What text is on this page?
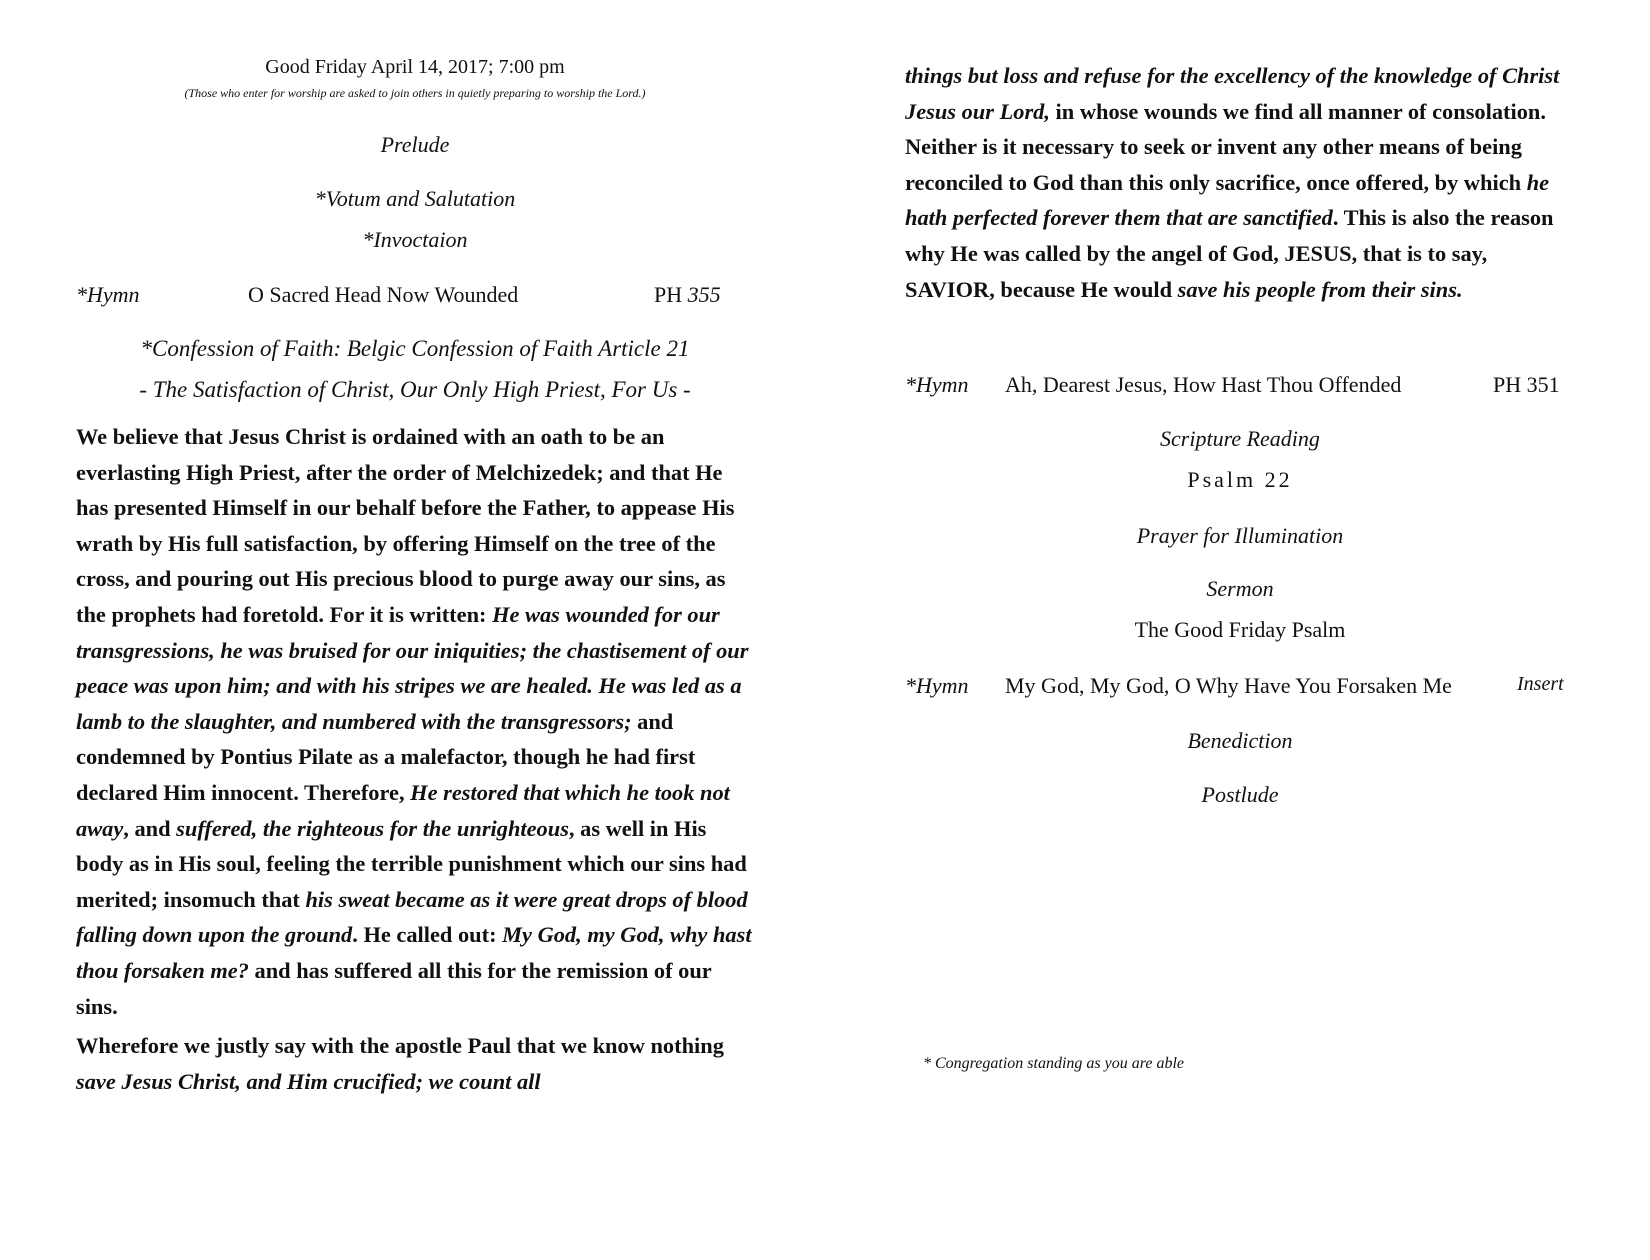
Good Friday April 14, 2017; 7:00 pm
(Those who enter for worship are asked to join others in quietly preparing to worship the Lord.)
Prelude
*Votum and Salutation
*Invoctaion
*Hymn	O Sacred Head Now Wounded	PH 355
*Confession of Faith: Belgic Confession of Faith Article 21
- The Satisfaction of Christ, Our Only High Priest, For Us -

We believe that Jesus Christ is ordained with an oath to be an everlasting High Priest, after the order of Melchizedek; and that He has presented Himself in our behalf before the Father, to appease His wrath by His full satisfaction, by offering Himself on the tree of the cross, and pouring out His precious blood to purge away our sins, as the prophets had foretold. For it is written: He was wounded for our transgressions, he was bruised for our iniquities; the chastisement of our peace was upon him; and with his stripes we are healed. He was led as a lamb to the slaughter, and numbered with the transgressors; and condemned by Pontius Pilate as a malefactor, though he had first declared Him innocent. Therefore, He restored that which he took not away, and suffered, the righteous for the unrighteous, as well in His body as in His soul, feeling the terrible punishment which our sins had merited; insomuch that his sweat became as it were great drops of blood falling down upon the ground. He called out: My God, my God, why hast thou forsaken me? and has suffered all this for the remission of our sins.

Wherefore we justly say with the apostle Paul that we know nothing save Jesus Christ, and Him crucified; we count all

things but loss and refuse for the excellency of the knowledge of Christ Jesus our Lord, in whose wounds we find all manner of consolation. Neither is it necessary to seek or invent any other means of being reconciled to God than this only sacrifice, once offered, by which he hath perfected forever them that are sanctified. This is also the reason why He was called by the angel of God, JESUS, that is to say, SAVIOR, because He would save his people from their sins.

*Hymn Ah, Dearest Jesus, How Hast Thou Offended	PH 351
Scripture Reading
Psalm 22
Prayer for Illumination
Sermon
The Good Friday Psalm
*Hymn My God, My God, O Why Have You Forsaken Me	Insert
Benediction
Postlude
* Congregation standing as you are able
